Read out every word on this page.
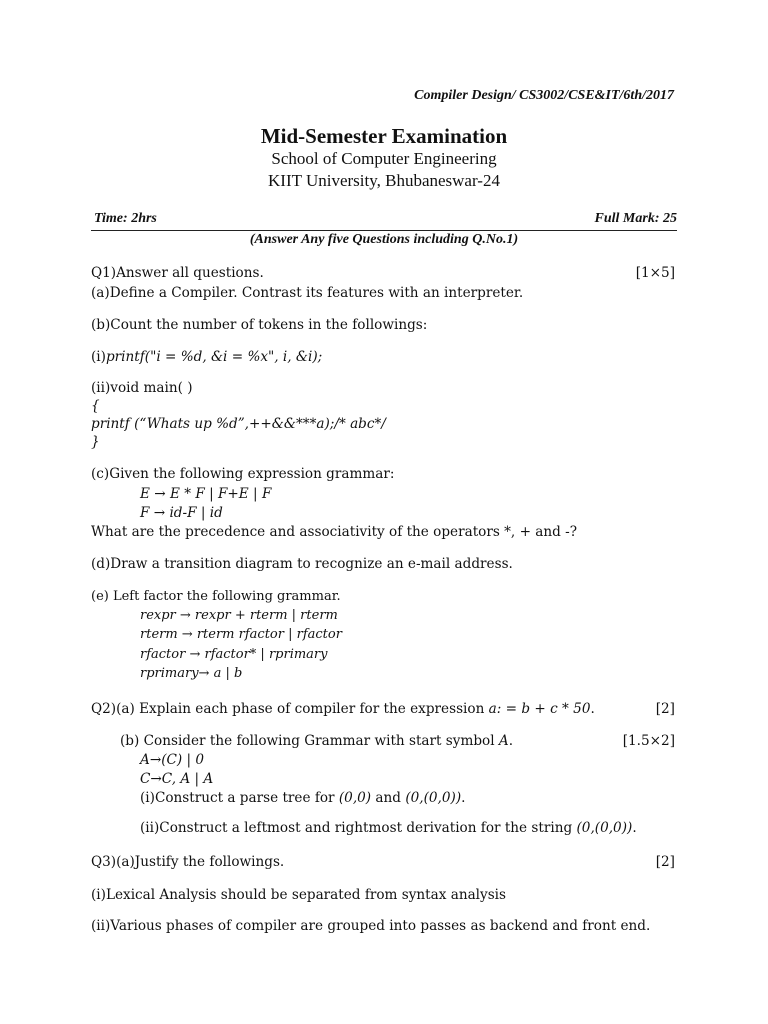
Compiler Design/ CS3002/CSE&IT/6th/2017
Mid-Semester Examination
School of Computer Engineering
KIIT University, Bhubaneswar-24
Time: 2hrs	Full Mark: 25
(Answer Any five Questions including Q.No.1)
Q1)Answer all questions.	[1×5]
(a)Define a Compiler. Contrast its features with an interpreter.
(b)Count the number of tokens in the followings:
(i)printf("i = %d, &i = %x", i, &i);
(ii)void main( )
{
printf (“Whats up %d”,++&&***a);/* abc*/
}
(c)Given the following expression grammar:
E → E * F | F+E | F
F → id-F | id
What are the precedence and associativity of the operators *, + and -?
(d)Draw a transition diagram to recognize an e-mail address.
(e) Left factor the following grammar.
rexpr → rexpr + rterm | rterm
rterm → rterm rfactor | rfactor
rfactor → rfactor* | rprimary
rprimary→ a | b
Q2)(a) Explain each phase of compiler for the expression a: = b + c * 50.	[2]
(b) Consider the following Grammar with start symbol A.	[1.5×2]
A→(C) | 0
C→C, A | A
(i)Construct a parse tree for (0,0) and (0,(0,0)).
(ii)Construct a leftmost and rightmost derivation for the string (0,(0,0)).
Q3)(a)Justify the followings.	[2]
(i)Lexical Analysis should be separated from syntax analysis
(ii)Various phases of compiler are grouped into passes as backend and front end.
